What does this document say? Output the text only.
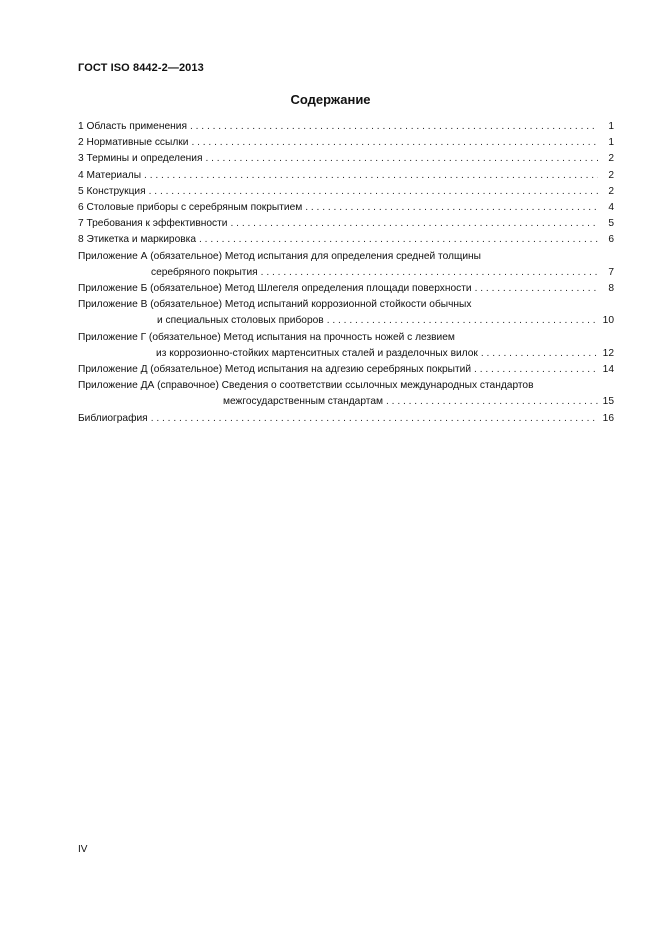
ГОСТ ISO 8442-2—2013
Содержание
1 Область применения . . .	1
2 Нормативные ссылки . . .	1
3 Термины и определения . . .	2
4 Материалы . . .	2
5 Конструкция . . .	2
6 Столовые приборы с серебряным покрытием . . .	4
7 Требования к эффективности . . .	5
8 Этикетка и маркировка . . .	6
Приложение А (обязательное) Метод испытания для определения средней толщины
серебряного покрытия . . .	7
Приложение Б (обязательное) Метод Шлегеля определения площади поверхности . . .	8
Приложение В (обязательное) Метод испытаний коррозионной стойкости обычных
и специальных столовых приборов . . .	10
Приложение Г (обязательное) Метод испытания на прочность ножей с лезвием
из коррозионно-стойких мартенситных сталей и разделочных вилок . . .	12
Приложение Д (обязательное) Метод испытания на адгезию серебряных покрытий . . .	14
Приложение ДА (справочное) Сведения о соответствии ссылочных международных стандартов
межгосударственным стандартам . . .	15
Библиография . . .	16
IV
